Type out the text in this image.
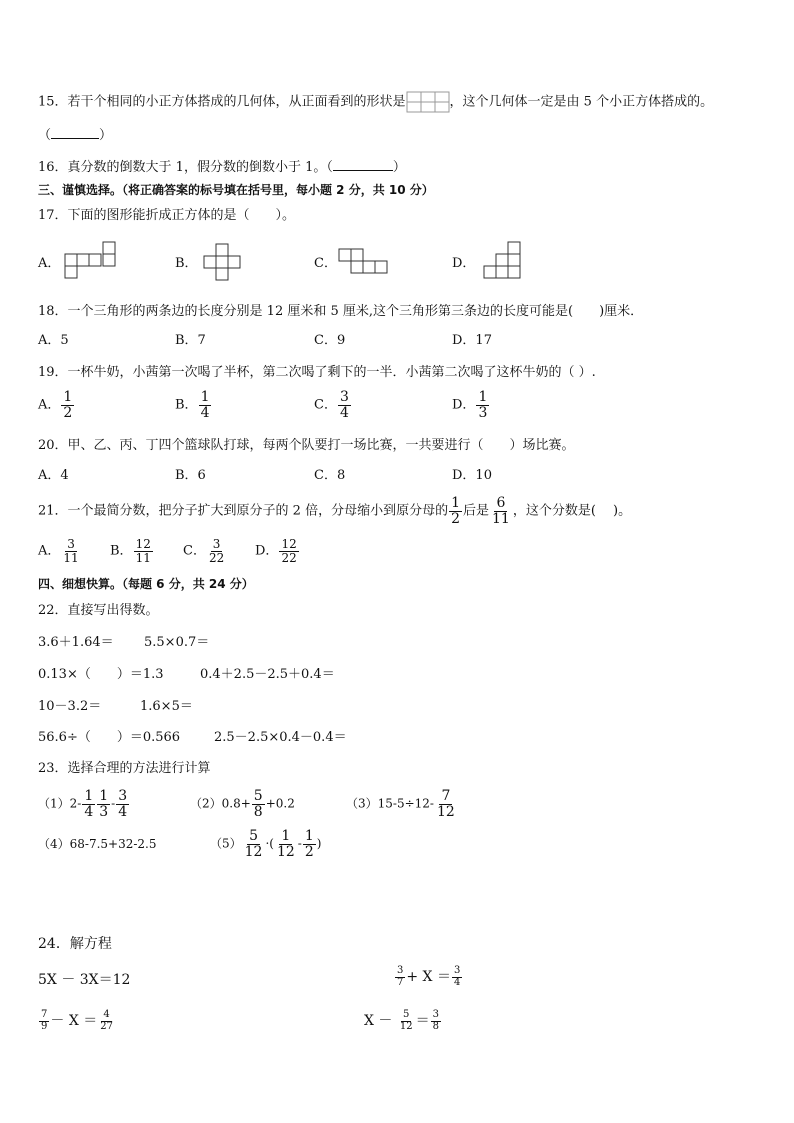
15．若干个相同的小正方体搭成的几何体，从正面看到的形状是	，这个几何体一定是由 5 个小正方体搭成的。
（	）
16．真分数的倒数大于 1，假分数的倒数小于 1。（	）
三、谨慎选择。（将正确答案的标号填在括号里，每小题 2 分，共 10 分）
17．下面的图形能折成正方体的是（　　）。
A．	B．	C．	D．
18．一个三角形的两条边的长度分别是 12 厘米和 5 厘米,这个三角形第三条边的长度可能是(　　)厘米．
A．5	B．7	C．9	D．17
19．一杯牛奶，小茜第一次喝了半杯，第二次喝了剩下的一半．小茜第二次喝了这杯牛奶的（ ）.
A． $\frac{1}{2}$	B． $\frac{1}{4}$	C． $\frac{3}{4}$	D． $\frac{1}{3}$
20．甲、乙、丙、丁四个篮球队打球，每两个队要打一场比赛，一共要进行（　　）场比赛。
A．4	B．6	C．8	D．10
21．一个最简分数，把分子扩大到原分子的 2 倍，分母缩小到原分母的 $\frac{1}{2}$ 后是 $\frac{6}{11}$ ，这个分数是(　 )。
A． $\frac{3}{11}$ B． $\frac{12}{11}$ C． $\frac{3}{22}$ D． $\frac{12}{22}$
四、细想快算。（每题 6 分，共 24 分）
22．直接写出得数。
3.6＋1.64＝ 5.5×0.7＝
0.13×（　　）＝1.3	0.4＋2.5－2.5＋0.4＝
10－3.2＝	1.6×5＝
56.6÷（　　）＝0.566	2.5－2.5×0.4－0.4＝
23．选择合理的方法进行计算
$(1)2- \frac{1}{4} \frac{1}{3} - \frac{3}{4}$	$(2)0.8+ \frac{5}{8} +0.2$	$(3)15-5\div 12- \frac{7}{12}$
（4）68-7.5+32-2.5	$(5) \frac{5}{12}$ ·( $\frac{1}{12} - \frac{1}{2}$ )
24．解方程
5X － 3X＝12	$\frac{3}{7} + X = \frac{3}{4}$
$\frac{7}{9} - X = \frac{4}{27}$	$X - \frac{5}{12} = \frac{3}{8}$
